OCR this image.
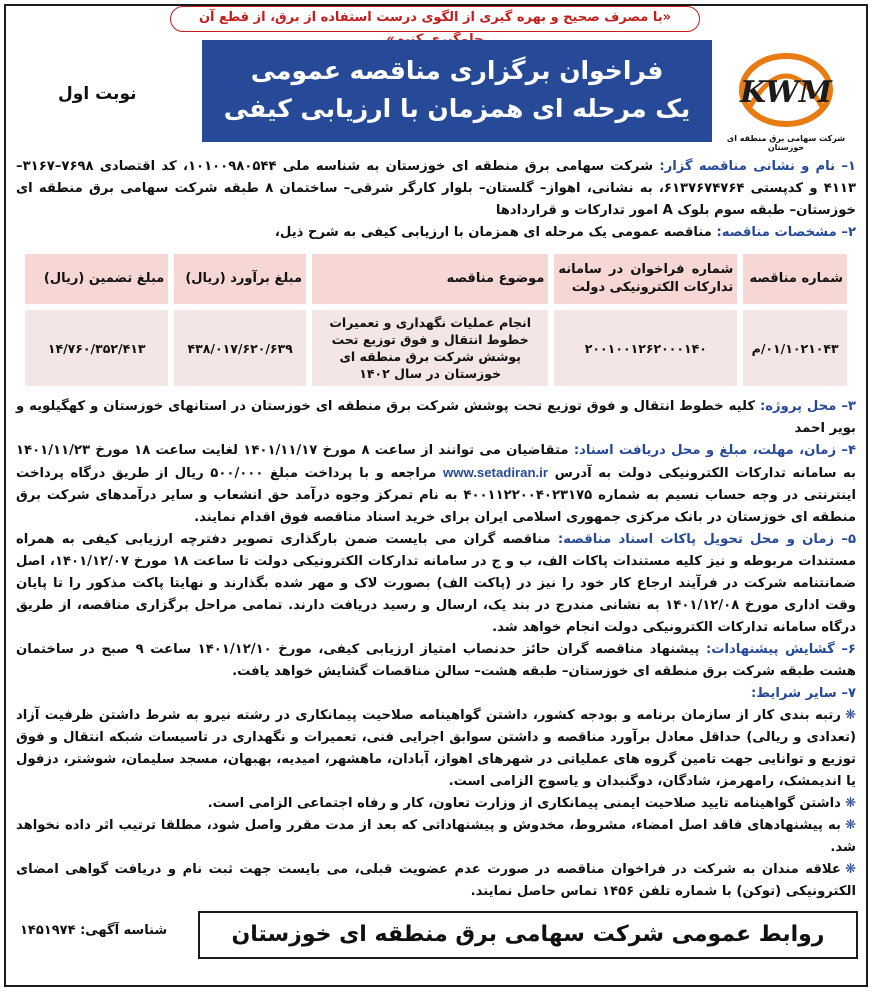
«با مصرف صحیح و بهره گیری از الگوی درست استفاده از برق، از قطع آن
KWM
شرکت سهامی برق منطقه ای خوزستان
فراخوان برگزاری مناقصه عمومی
یک مرحله ای همزمان با ارزیابی کیفی
نوبت اول

۱– نام و نشانی مناقصه گزار: شرکت سهامی برق منطقه ای خوزستان به شناسه ملی ۱۰۱۰۰۹۸۰۵۴۴، کد اقتصادی ۷۶۹۸–۳۱۶۷–۴۱۱۳ و کدپستی ۶۱۳۷۶۷۴۷۶۴، به نشانی، اهواز– گلستان– بلوار کارگر شرقی– ساختمان ۸ طبقه شرکت سهامی برق منطقه ای خوزستان– طبقه سوم بلوک A امور تدارکات و قراردادها

۲– مشخصات مناقصه: مناقصه عمومی یک مرحله ای همزمان با ارزیابی کیفی به شرح ذیل،

شماره مناقصه	شماره فراخوان در سامانه تدارکات الکترونیکی دولت	موضوع مناقصه	مبلغ برآورد (ریال)	مبلغ تضمین (ریال)
۰۱/۱۰۲۱۰۴۳/م	۲۰۰۱۰۰۱۲۶۲۰۰۰۱۴۰	انجام عملیات نگهداری و تعمیرات خطوط انتقال و فوق توزیع تحت پوشش شرکت برق منطقه ای خوزستان در سال ۱۴۰۲	۴۳۸/۰۱۷/۶۲۰/۶۳۹	۱۴/۷۶۰/۳۵۲/۴۱۳

۳– محل پروژه: کلیه خطوط انتقال و فوق توزیع تحت پوشش شرکت برق منطقه ای خوزستان در استانهای خوزستان و کهگیلویه و بویر احمد

۴– زمان، مهلت، مبلغ و محل دریافت اسناد: متقاضیان می توانند از ساعت ۸ مورخ ۱۴۰۱/۱۱/۱۷ لغایت ساعت ۱۸ مورخ ۱۴۰۱/۱۱/۲۳ به سامانه تدارکات الکترونیکی دولت به آدرس www.setadiran.ir مراجعه و با پرداخت مبلغ ۵۰۰/۰۰۰ ریال از طریق درگاه پرداخت اینترنتی در وجه حساب نسیم به شماره ۴۰۰۱۱۲۲۰۰۴۰۲۳۱۷۵ به نام تمرکز وجوه درآمد حق انشعاب و سایر درآمدهای شرکت برق منطقه ای خوزستان در بانک مرکزی جمهوری اسلامی ایران برای خرید اسناد مناقصه فوق اقدام نمایند.

۵– زمان و محل تحویل پاکات اسناد مناقصه: مناقصه گران می بایست ضمن بارگذاری تصویر دفترچه ارزیابی کیفی به همراه مستندات مربوطه و نیز کلیه مستندات پاکات الف، ب و ج در سامانه تدارکات الکترونیکی دولت تا ساعت ۱۸ مورخ ۱۴۰۱/۱۲/۰۷، اصل ضمانتنامه شرکت در فرآیند ارجاع کار خود را نیز در (پاکت الف) بصورت لاک و مهر شده بگذارند و نهایتا پاکت مذکور را تا پایان وقت اداری مورخ ۱۴۰۱/۱۲/۰۸ به نشانی مندرج در بند یک، ارسال و رسید دریافت دارند. تمامی مراحل برگزاری مناقصه، از طریق درگاه سامانه تدارکات الکترونیکی دولت انجام خواهد شد.

۶– گشایش پیشنهادات: پیشنهاد مناقصه گران حائز حدنصاب امتیاز ارزیابی کیفی، مورخ ۱۴۰۱/۱۲/۱۰ ساعت ۹ صبح در ساختمان هشت طبقه شرکت برق منطقه ای خوزستان– طبقه هشت– سالن مناقصات گشایش خواهد یافت.

۷– سایر شرایط:

❋رتبه بندی کار از سازمان برنامه و بودجه کشور، داشتن گواهینامه صلاحیت پیمانکاری در رشته نیرو به شرط داشتن ظرفیت آزاد (تعدادی و ریالی) حداقل معادل برآورد مناقصه و داشتن سوابق اجرایی فنی، تعمیرات و نگهداری در تاسیسات شبکه انتقال و فوق توزیع و توانایی جهت تامین گروه های عملیاتی در شهرهای اهواز، آبادان، ماهشهر، امیدیه، بهبهان، مسجد سلیمان، شوشتر، دزفول یا اندیمشک، رامهرمز، شادگان، دوگنبدان و یاسوج الزامی است.

❋داشتن گواهینامه تایید صلاحیت ایمنی پیمانکاری از وزارت تعاون، کار و رفاه اجتماعی الزامی است.

❋به پیشنهادهای فاقد اصل امضاء، مشروط، مخدوش و پیشنهاداتی که بعد از مدت مقرر واصل شود، مطلقا ترتیب اثر داده نخواهد شد.

❋علاقه مندان به شرکت در فراخوان مناقصه در صورت عدم عضویت قبلی، می بایست جهت ثبت نام و دریافت گواهی امضای الکترونیکی (توکن) با شماره تلفن ۱۴۵۶ تماس حاصل نمایند.

روابط عمومی شرکت سهامی برق منطقه ای خوزستان
شناسه آگهی: ۱۴۵۱۹۷۴
